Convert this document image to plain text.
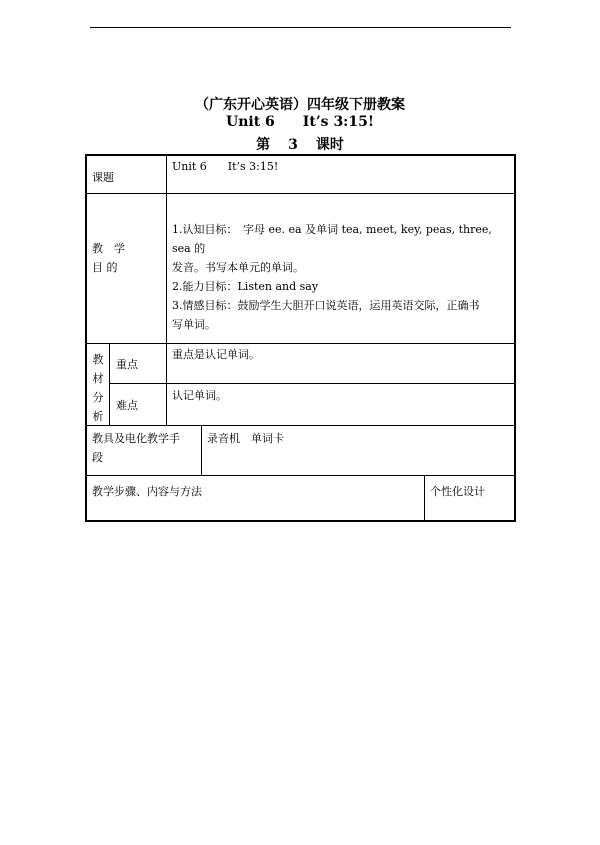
（广东开心英语）四年级下册教案
Unit 6 It’s 3:15!
第 3 课时
课题
Unit 6      It’s 3:15!
教　学
目 的
1.认知目标：　字母 ee. ea 及单词 tea, meet, key, peas, three, sea 的
发音。书写本单元的单词。
2.能力目标：Listen and say
3.情感目标：鼓励学生大胆开口说英语，运用英语交际，正确书
写单词。
教
材
分
析
重点
重点是认记单词。
难点
认记单词。
教具及电化教学手
段
录音机　单词卡
教学步骤、内容与方法	个性化设计
